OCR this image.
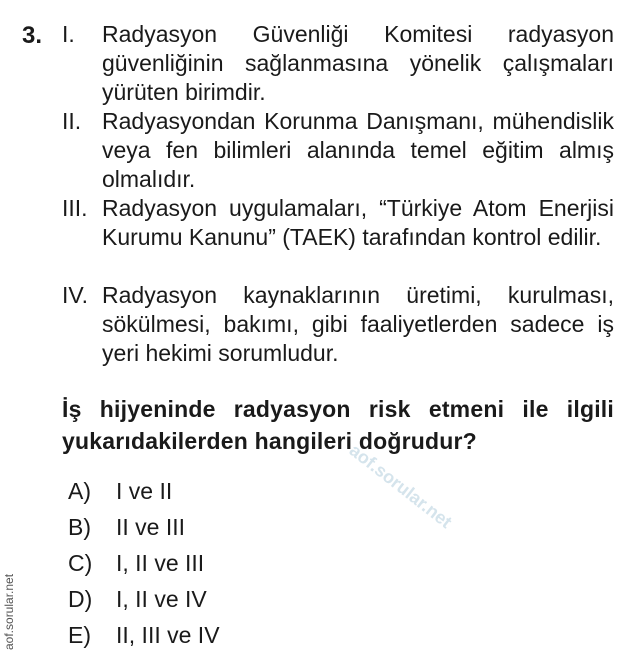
3. I. Radyasyon Güvenliği Komitesi radyasyon güvenliğinin sağlanmasına yönelik çalışmaları yürüten birimdir.
II. Radyasyondan Korunma Danışmanı, mühendislik veya fen bilimleri alanında temel eğitim almış olmalıdır.
III. Radyasyon uygulamaları, “Türkiye Atom Enerjisi Kurumu Kanunu” (TAEK) tarafından kontrol edilir.
IV. Radyasyon kaynaklarının üretimi, kurulması, sökülmesi, bakımı, gibi faaliyetlerden sadece iş yeri hekimi sorumludur.
İş hijyeninde radyasyon risk etmeni ile ilgili yukarıdakilerden hangileri doğrudur?
aof.sorular.net
A)	I ve II
B)	II ve III
C)	I, II ve III
D)	I, II ve IV
E)	II, III ve IV
aof.sorular.net
